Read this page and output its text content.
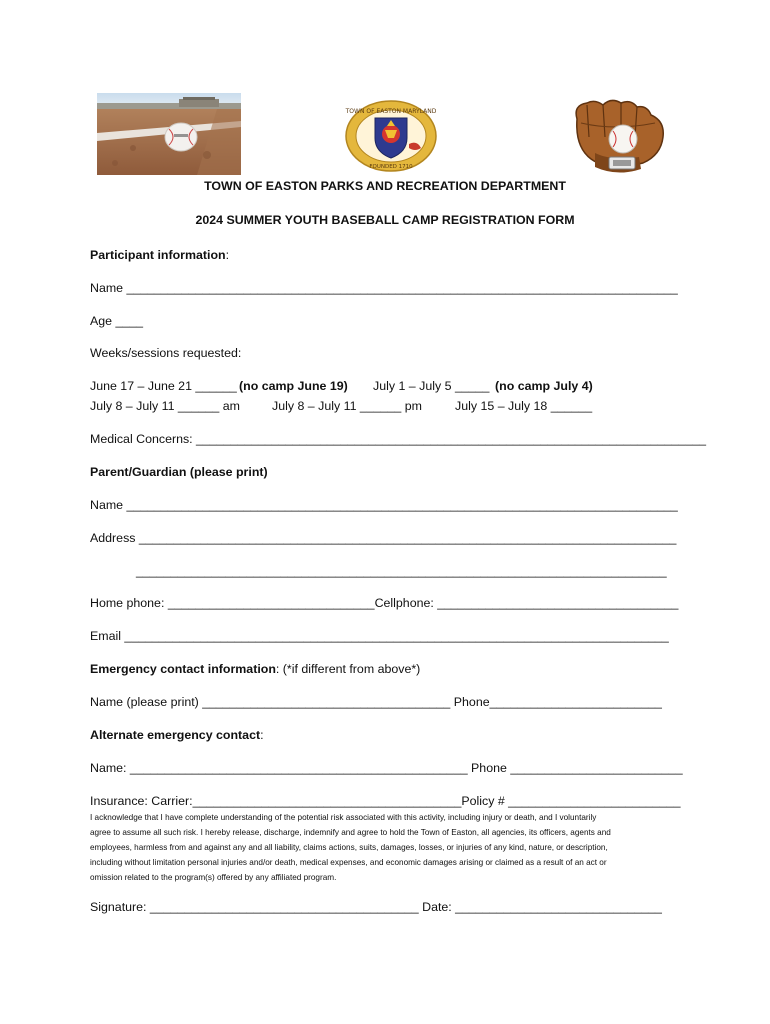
TOWN OF EASTON MARYLAND
FOUNDED 1710
TOWN OF EASTON PARKS AND RECREATION DEPARTMENT
2024 SUMMER YOUTH BASEBALL CAMP REGISTRATION FORM
Participant information:
Name ________________________________________________________________________________
Age ____
Weeks/sessions requested:
June 17 – June 21 ______ (no camp June 19) July 1 – July 5 _____ (no camp July 4)
July 8 – July 11 ______ am	July 8 – July 11 ______ pm	July 15 – July 18 ______
Medical Concerns: __________________________________________________________________________
Parent/Guardian (please print)
Name ________________________________________________________________________________
Address ______________________________________________________________________________
_____________________________________________________________________________
Home phone: ______________________________Cellphone: ___________________________________
Email _______________________________________________________________________________
Emergency contact information: (*if different from above*)
Name (please print) ____________________________________ Phone_________________________
Alternate emergency contact:
Name: _________________________________________________ Phone _________________________
Insurance: Carrier:_______________________________________Policy # _________________________
I acknowledge that I have complete understanding of the potential risk associated with this activity, including injury or death, and I voluntarily
agree to assume all such risk. I hereby release, discharge, indemnify and agree to hold the Town of Easton, all agencies, its officers, agents and
employees, harmless from and against any and all liability, claims actions, suits, damages, losses, or injuries of any kind, nature, or description,
including without limitation personal injuries and/or death, medical expenses, and economic damages arising or claimed as a result of an act or
omission related to the program(s) offered by any affiliated program.
Signature: _______________________________________ Date: ______________________________
